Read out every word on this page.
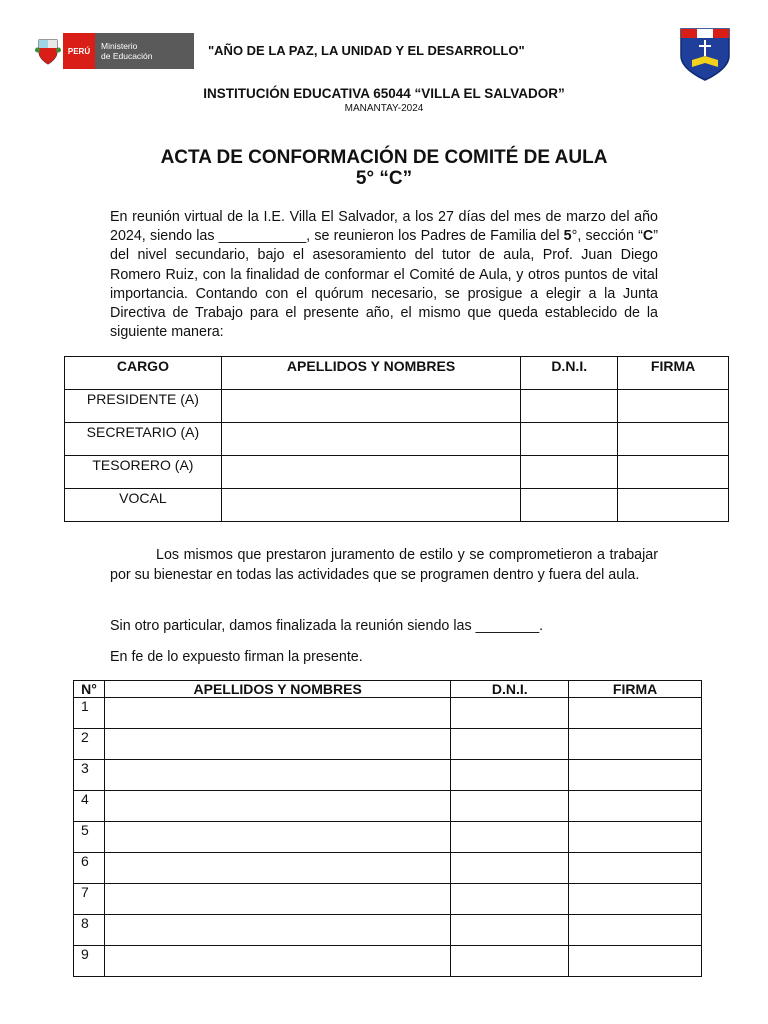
PERÚ	Ministerio
de Educación	"AÑO DE LA PAZ, LA UNIDAD Y EL DESARROLLO"
INSTITUCIÓN EDUCATIVA 65044 “VILLA EL SALVADOR”
MANANTAY-2024
ACTA DE CONFORMACIÓN DE COMITÉ DE AULA
5° “C”
En reunión virtual de la I.E. Villa El Salvador, a los 27 días del mes de marzo del año 2024, siendo las ___________, se reunieron los Padres de Familia del 5°, sección “C” del nivel secundario, bajo el asesoramiento del tutor de aula, Prof. Juan Diego Romero Ruiz, con la finalidad de conformar el Comité de Aula, y otros puntos de vital importancia. Contando con el quórum necesario, se prosigue a elegir a la Junta Directiva de Trabajo para el presente año, el mismo que queda establecido de la siguiente manera:
CARGO	APELLIDOS Y NOMBRES	D.N.I.	FIRMA
PRESIDENTE (A)			
SECRETARIO (A)			
TESORERO (A)			
VOCAL			
Los mismos que prestaron juramento de estilo y se comprometieron a trabajar por su bienestar en todas las actividades que se programen dentro y fuera del aula.
Sin otro particular, damos finalizada la reunión siendo las ________.
En fe de lo expuesto firman la presente.
N°	APELLIDOS Y NOMBRES	D.N.I.	FIRMA
1			
2			
3			
4			
5			
6			
7			
8			
9			
